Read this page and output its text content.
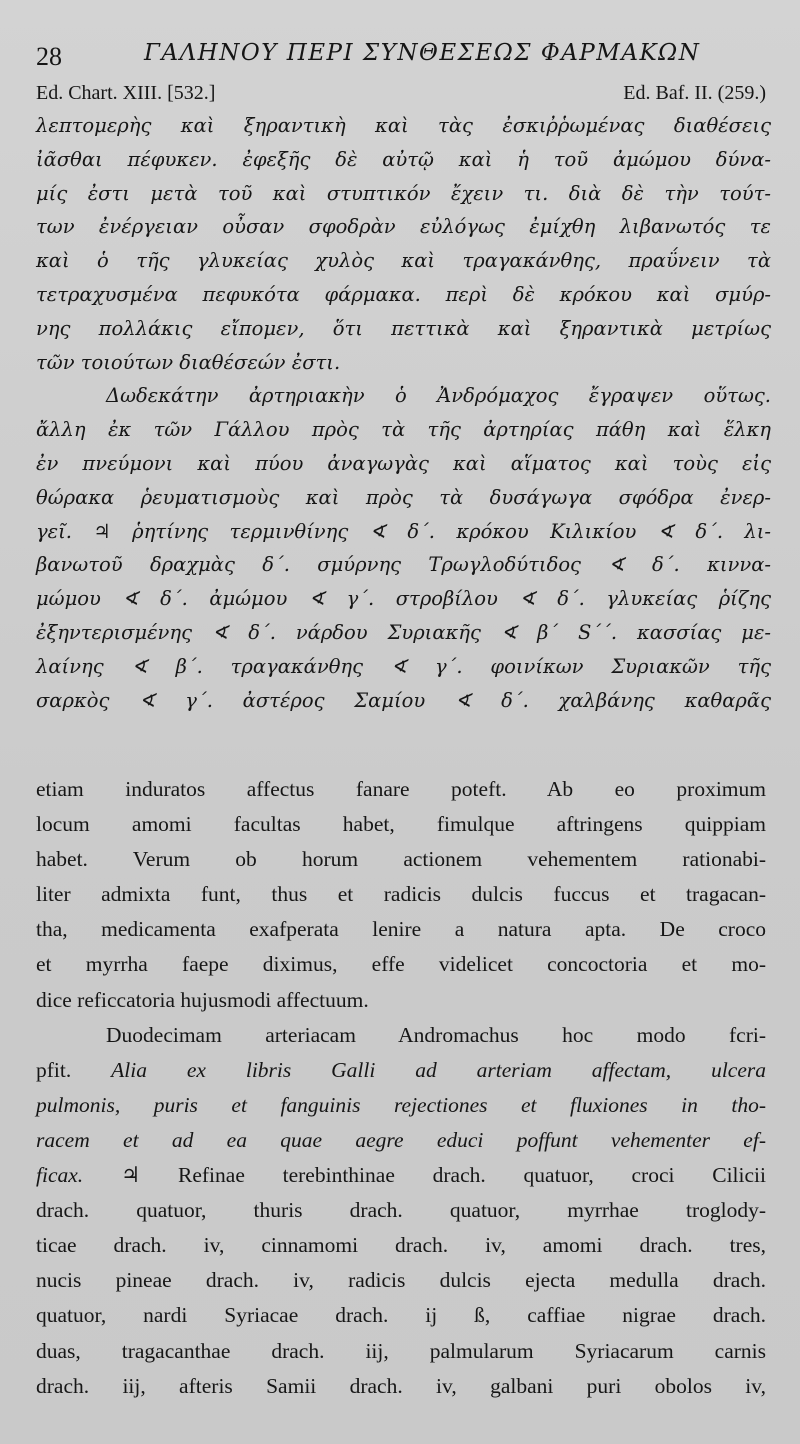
28	ΓΑΛΗΝΟΥ ΠΕΡΙ ΣΥΝΘΕΣΕΩΣ ΦΑΡΜΑΚΩΝ
Ed. Chart. XIII. [532.]	Ed. Baf. II. (259.)
λεπτομερὴς καὶ ξηραντικὴ καὶ τὰς ἐσκιῤῥωμένας διαθέσεις
ἰᾶσθαι πέφυκεν. ἐφεξῆς δὲ αὐτῷ καὶ ἡ τοῦ ἀμώμου δύνα-
μίς ἐστι μετὰ τοῦ καὶ στυπτικόν ἔχειν τι. διὰ δὲ τὴν τούτ-
των ἐνέργειαν οὖσαν σφοδρὰν εὐλόγως ἐμίχθη λιβανωτός τε
καὶ ὁ τῆς γλυκείας χυλὸς καὶ τραγακάνθης, πραΰνειν τὰ
τετραχυσμένα πεφυκότα φάρμακα. περὶ δὲ κρόκου καὶ σμύρ-
νης πολλάκις εἴπομεν, ὅτι πεττικὰ καὶ ξηραντικὰ μετρίως
τῶν τοιούτων διαθέσεών ἐστι.
Δωδεκάτην ἀρτηριακὴν ὁ Ἀνδρόμαχος ἔγραψεν οὕτως.
ἄλλη ἐκ τῶν Γάλλου πρὸς τὰ τῆς ἀρτηρίας πάθη καὶ ἕλκη
ἐν πνεύμονι καὶ πύου ἀναγωγὰς καὶ αἵματος καὶ τοὺς εἰς
θώρακα ῥευματισμοὺς καὶ πρὸς τὰ δυσάγωγα σφόδρα ἐνερ-
γεῖ. ♃ ῥητίνης τερμινθίνης ∢ δ΄. κρόκου Κιλικίου ∢ δ΄. λι-
βανωτοῦ δραχμὰς δ΄. σμύρνης Τρωγλοδύτιδος ∢ δ΄. κιννα-
μώμου ∢ δ΄. ἀμώμου ∢ γ΄. στροβίλου ∢ δ΄. γλυκείας ῥίζης
ἐξηντερισμένης ∢ δ΄. νάρδου Συριακῆς ∢ β΄ S΄΄. κασσίας με-
λαίνης ∢ β΄. τραγακάνθης ∢ γ΄. φοινίκων Συριακῶν τῆς
σαρκὸς ∢ γ΄. ἀστέρος Σαμίου ∢ δ΄. χαλβάνης καθαρᾶς
etiam induratos affectus fanare poteft. Ab eo proximum
locum amomi facultas habet, fimulque aftringens quippiam
habet. Verum ob horum actionem vehementem rationabi-
liter admixta funt, thus et radicis dulcis fuccus et tragacan-
tha, medicamenta exafperata lenire a natura apta. De croco
et myrrha faepe diximus, effe videlicet concoctoria et mo-
dice reficcatoria hujusmodi affectuum.
Duodecimam arteriacam Andromachus hoc modo fcri-
pfit. Alia ex libris Galli ad arteriam affectam, ulcera
pulmonis, puris et fanguinis rejectiones et fluxiones in tho-
racem et ad ea quae aegre educi poffunt vehementer ef-
ficax. ♃ Refinae terebinthinae drach. quatuor, croci Cilicii
drach. quatuor, thuris drach. quatuor, myrrhae troglody-
ticae drach. iv, cinnamomi drach. iv, amomi drach. tres,
nucis pineae drach. iv, radicis dulcis ejecta medulla drach.
quatuor, nardi Syriacae drach. ij ß, caffiae nigrae drach.
duas, tragacanthae drach. iij, palmularum Syriacarum carnis
drach. iij, afteris Samii drach. iv, galbani puri obolos iv,
